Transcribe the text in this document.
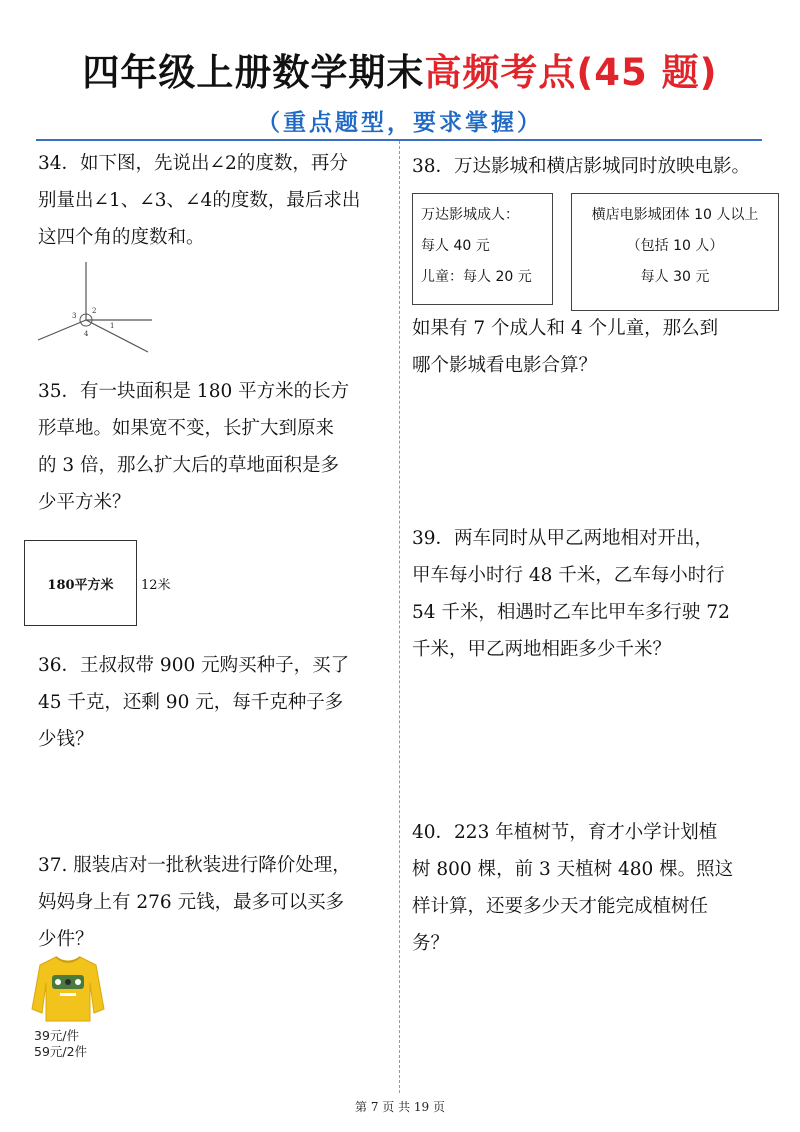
四年级上册数学期末高频考点(45 题)
（重点题型，要求掌握）

34．如下图，先说出∠2的度数，再分

别量出∠1、∠3、∠4的度数，最后求出

这四个角的度数和。

3
2
1
4

35．有一块面积是 180 平方米的长方

形草地。如果宽不变，长扩大到原来

的 3 倍，那么扩大后的草地面积是多

少平方米？

180平方米	12米

36．王叔叔带 900 元购买种子，买了

45 千克，还剩 90 元，每千克种子多

少钱？

37. 服装店对一批秋装进行降价处理，

妈妈身上有 276 元钱，最多可以买多

少件？

39元/件
59元/2件

38．万达影城和横店影城同时放映电影。

万达影城成人：
每人 40 元
儿童：每人 20 元
横店电影城团体 10 人以上
（包括 10 人）
每人 30 元

如果有 7 个成人和 4 个儿童，那么到

哪个影城看电影合算？

39．两车同时从甲乙两地相对开出，

甲车每小时行 48 千米，乙车每小时行

54 千米，相遇时乙车比甲车多行驶 72

千米，甲乙两地相距多少千米？

40．223 年植树节，育才小学计划植

树 800 棵，前 3 天植树 480 棵。照这

样计算，还要多少天才能完成植树任

务？

第 7 页 共 19 页
